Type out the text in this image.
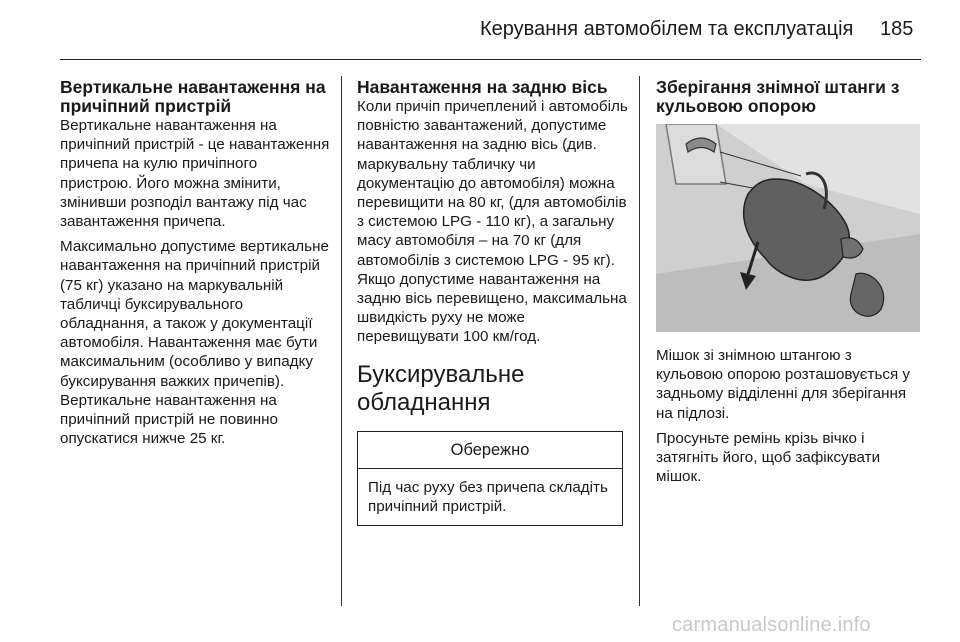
Керування автомобілем та експлуатація 185
Вертикальне навантаження на причіпний пристрій

Вертикальне навантаження на причіпний пристрій - це навантаження причепа на кулю причіпного пристрою. Його можна змінити, змінивши розподіл вантажу під час завантаження причепа.

Максимально допустиме вертикальне навантаження на причіпний пристрій (75 кг) указано на маркувальній табличці буксирувального обладнання, а також у документації автомобіля. Навантаження має бути максимальним (особливо у випадку буксирування важких причепів). Вертикальне навантаження на причіпний пристрій не повинно опускатися нижче 25 кг.

Навантаження на задню вісь

Коли причіп причеплений і автомобіль повністю завантажений, допустиме навантаження на задню вісь (див. маркувальну табличку чи документацію до автомобіля) можна перевищити на 80 кг, (для автомобілів з системою LPG - 110 кг), а загальну масу автомобіля – на 70 кг (для автомобілів з системою LPG - 95 кг). Якщо допустиме навантаження на задню вісь перевищено, максимальна швидкість руху не може перевищувати 100 км/год.

Буксирувальне обладнання
Обережно
Під час руху без причепа складіть причіпний пристрій.
Зберігання знімної штанги з кульовою опорою

Мішок зі знімною штангою з кульовою опорою розташовується у задньому відділенні для зберігання на підлозі.

Просуньте ремінь крізь вічко і затягніть його, щоб зафіксувати мішок.

carmanualsonline.info
